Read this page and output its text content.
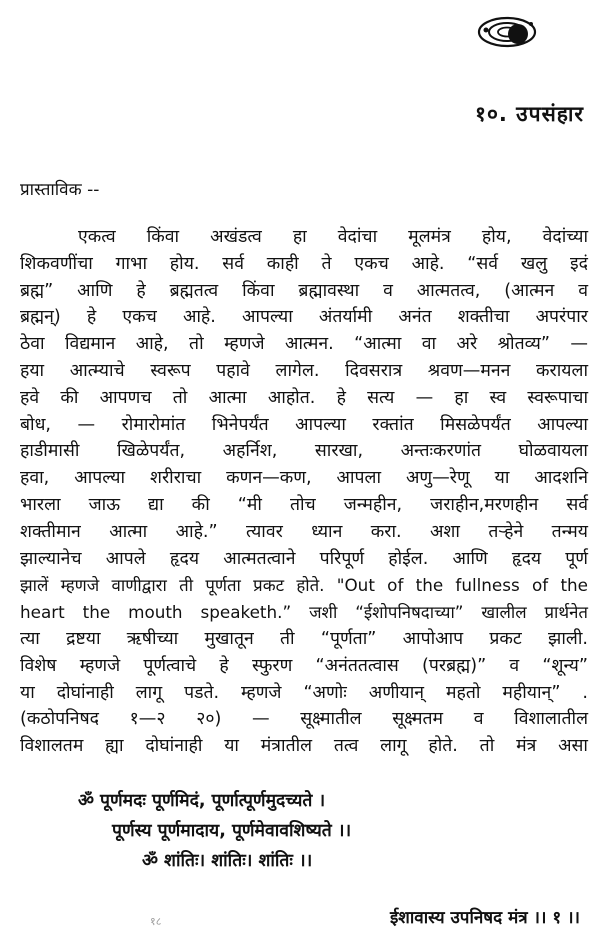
१०. उपसंहार
प्रास्ताविक --
एकत्व किंवा अखंडत्व हा वेदांचा मूलमंत्र होय, वेदांच्या
शिकवणींचा गाभा होय. सर्व काही ते एकच आहे. “सर्व खलु इदं
ब्रह्म” आणि हे ब्रह्मतत्व किंवा ब्रह्मावस्था व आत्मतत्व, (आत्मन व
ब्रह्मन्) हे एकच आहे. आपल्या अंतर्यामी अनंत शक्तीचा अपरंपार
ठेवा विद्यमान आहे, तो म्हणजे आत्मन. “आत्मा वा अरे श्रोतव्य” —
हया आत्म्याचे स्वरूप पहावे लागेल. दिवसरात्र श्रवण—मनन करायला
हवे की आपणच तो आत्मा आहोत. हे सत्य — हा स्व स्वरूपाचा
बोध, — रोमारोमांत भिनेपर्यंत आपल्या रक्तांत मिसळेपर्यंत आपल्या
हाडीमासी खिळेपर्यंत, अहर्निश, सारखा, अन्तःकरणांत घोळवायला
हवा, आपल्या शरीराचा कणन—कण, आपला अणु—रेणू या आदशनि
भारला जाऊ द्या की “मी तोच जन्महीन, जराहीन,मरणहीन सर्व
शक्तीमान आत्मा आहे.” त्यावर ध्यान करा. अशा तऱ्हेने तन्मय
झाल्यानेच आपले हृदय आत्मतत्वाने परिपूर्ण होईल. आणि हृदय पूर्ण
झालें म्हणजे वाणीद्वारा ती पूर्णता प्रकट होते. "Out of the fullness of the
heart the mouth speaketh.” जशी “ईशोपनिषदाच्या” खालील प्रार्थनेत
त्या द्रष्टया ऋषीच्या मुखातून ती “पूर्णता” आपोआप प्रकट झाली.
विशेष म्हणजे पूर्णत्वाचे हे स्फुरण “अनंततत्वास (परब्रह्म)” व “शून्य”
या दोघांनाही लागू पडते. म्हणजे “अणोः अणीयान् महतो महीयान्” .
(कठोपनिषद १—२ २०) — सूक्ष्मातील सूक्ष्मतम व विशालातील
विशालतम ह्या दोघांनाही या मंत्रातील तत्व लागू होते. तो मंत्र असा
ॐ पूर्णमदः पूर्णमिदं, पूर्णात्पूर्णमुदच्यते ।
पूर्णस्य पूर्णमादाय, पूर्णमेवावशिष्यते ।।
ॐ शांतिः। शांतिः। शांतिः ।।
१८	ईशावास्य उपनिषद मंत्र ।। १ ।।
